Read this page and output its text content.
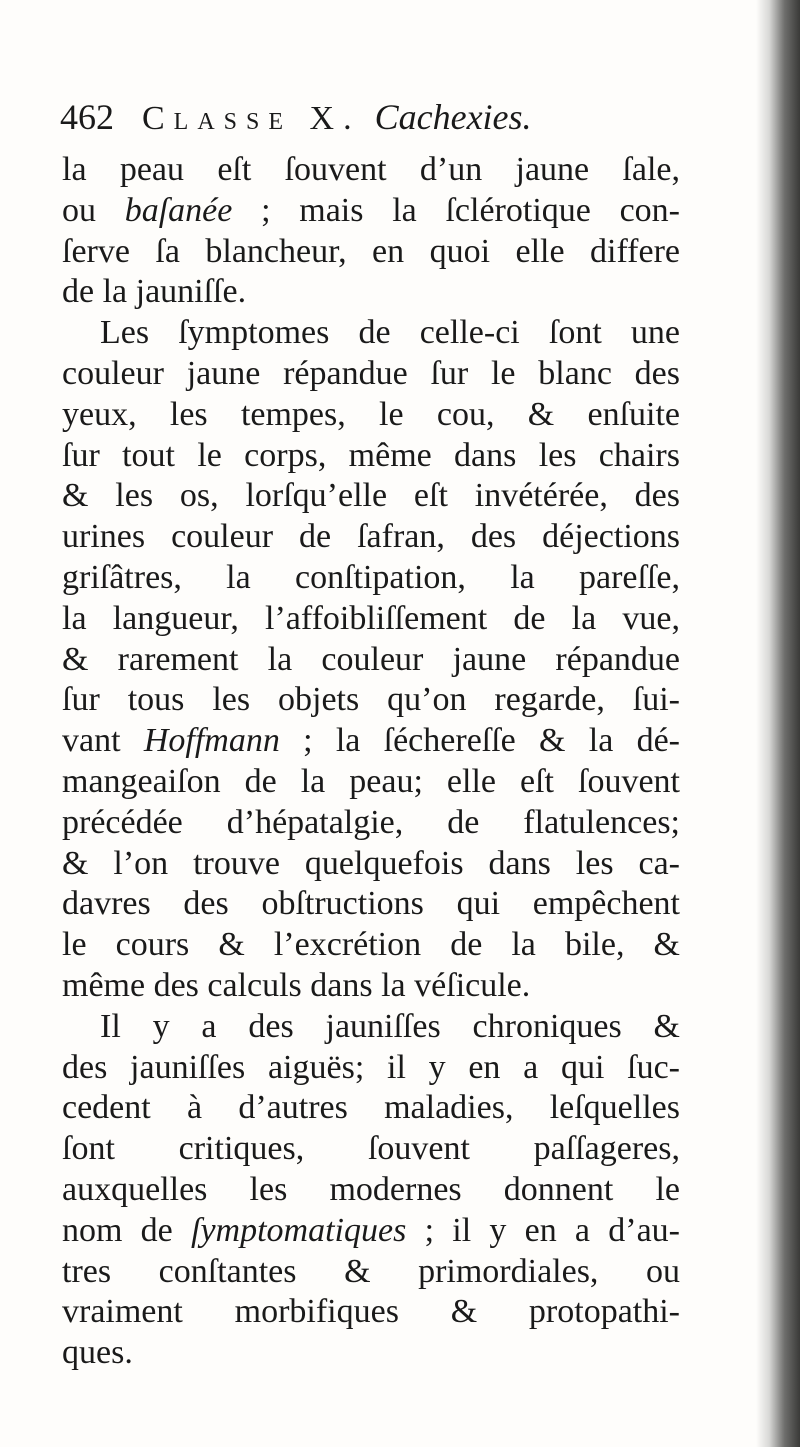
462 Classe X. Cachexies.
la peau eſt ſouvent d’un jaune ſale,
ou baſanée ; mais la ſclérotique con-
ſerve ſa blancheur, en quoi elle differe
de la jauniſſe.
Les ſymptomes de celle-ci ſont une
couleur jaune répandue ſur le blanc des
yeux, les tempes, le cou, & enſuite
ſur tout le corps, même dans les chairs
& les os, lorſqu’elle eſt invétérée, des
urines couleur de ſafran, des déjections
griſâtres, la conſtipation, la pareſſe,
la langueur, l’affoibliſſement de la vue,
& rarement la couleur jaune répandue
ſur tous les objets qu’on regarde, ſui-
vant Hoffmann ; la ſéchereſſe & la dé-
mangeaiſon de la peau; elle eſt ſouvent
précédée d’hépatalgie, de flatulences;
& l’on trouve quelquefois dans les ca-
davres des obſtructions qui empêchent
le cours & l’excrétion de la bile, &
même des calculs dans la véſicule.
Il y a des jauniſſes chroniques &
des jauniſſes aiguës; il y en a qui ſuc-
cedent à d’autres maladies, leſquelles
ſont critiques, ſouvent paſſageres,
auxquelles les modernes donnent le
nom de ſymptomatiques ; il y en a d’au-
tres conſtantes & primordiales, ou
vraiment morbifiques & protopathi-
ques.
